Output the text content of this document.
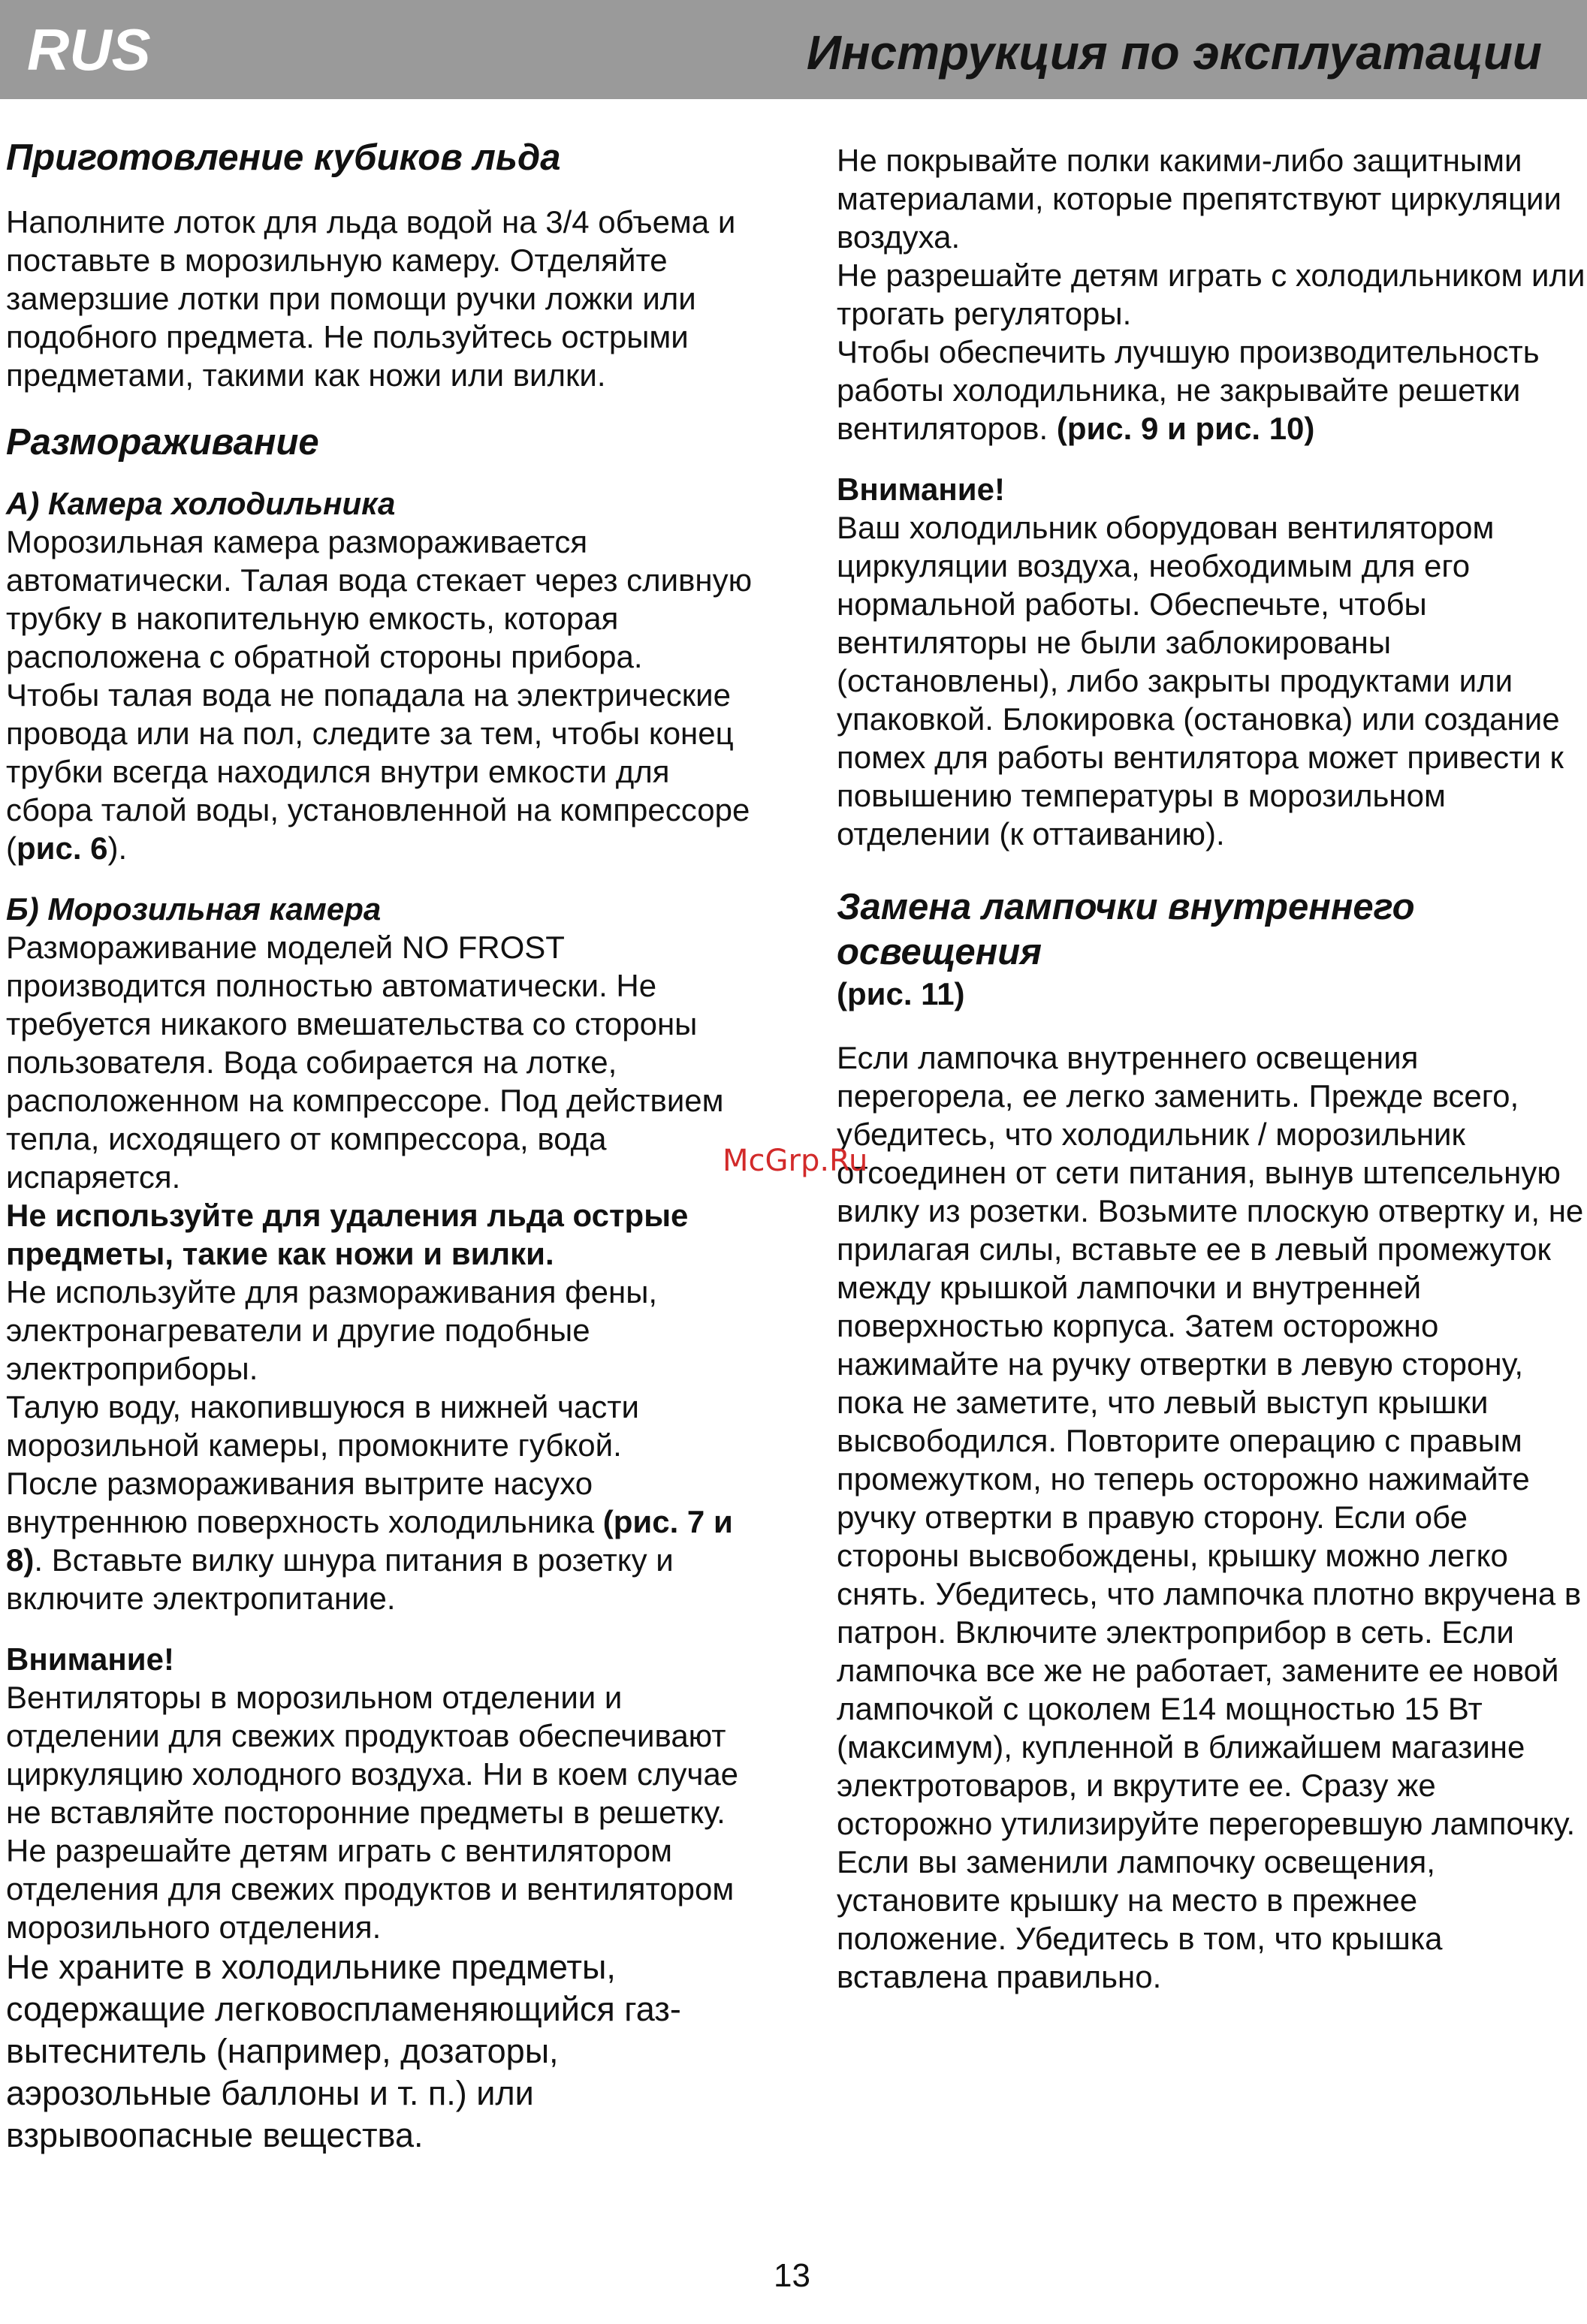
RUS	Инструкция по эксплуатации
Приготовление кубиков льда

Наполните лоток для льда водой на 3/4 объема и поставьте в морозильную камеру. Отделяйте замерзшие лотки при помощи ручки ложки или подобного предмета. Не пользуйтесь острыми предметами, такими как ножи или вилки.

Размораживание
А) Камера холодильника

Морозильная камера размораживается автоматически. Талая вода стекает через сливную трубку в накопительную емкость, которая расположена с обратной стороны прибора.

Чтобы талая вода не попадала на электрические провода или на пол, следите за тем, чтобы конец трубки всегда находился внутри емкости для сбора талой воды, установленной на компрессоре (рис. 6).

Б) Морозильная камера

Размораживание моделей NO FROST производится полностью автоматически. Не требуется никакого вмешательства со стороны пользователя. Вода собирается на лотке, расположенном на компрессоре. Под действием тепла, исходящего от компрессора, вода испаряется.

Не используйте для удаления льда острые предметы, такие как ножи и вилки.

Не используйте для размораживания фены, электронагреватели и другие подобные электроприборы.

Талую воду, накопившуюся в нижней части морозильной камеры, промокните губкой.

После размораживания вытрите насухо внутреннюю поверхность холодильника (рис. 7 и 8). Вставьте вилку шнура питания в розетку и включите электропитание.

Внимание!

Вентиляторы в морозильном отделении и отделении для свежих продуктоав обеспечивают циркуляцию холодного воздуха. Ни в коем случае не вставляйте посторонние предметы в решетку. Не разрешайте детям играть с вентилятором отделения для свежих продуктов и вентилятором морозильного отделения.

Не храните в холодильнике предметы, содержащие легковоспламеняющийся газ-вытеснитель (например, дозаторы, аэрозольные баллоны и т. п.) или взрывоопасные вещества.

Не покрывайте полки какими-либо защитными материалами, которые препятствуют циркуляции воздуха.

Не разрешайте детям играть с холодильником или трогать регуляторы.

Чтобы обеспечить лучшую производительность работы холодильника, не закрывайте решетки вентиляторов. (рис. 9 и рис. 10)

Внимание!

Ваш холодильник оборудован вентилятором циркуляции воздуха, необходимым для его нормальной работы. Обеспечьте, чтобы вентиляторы не были заблокированы (остановлены), либо закрыты продуктами или упаковкой. Блокировка (остановка) или создание помех для работы вентилятора может привести к повышению температуры в морозильном отделении (к оттаиванию).

Замена лампочки внутреннего освещения

(рис. 11)

Если лампочка внутреннего освещения перегорела, ее легко заменить. Прежде всего, убедитесь, что холодильник / морозильник отсоединен от сети питания, вынув штепсельную вилку из розетки. Возьмите плоскую отвертку и, не прилагая силы, вставьте ее в левый промежуток между крышкой лампочки и внутренней поверхностью корпуса. Затем осторожно нажимайте на ручку отвертки в левую сторону, пока не заметите, что левый выступ крышки высвободился. Повторите операцию с правым промежутком, но теперь осторожно нажимайте ручку отвертки в правую сторону. Если обе стороны высвобождены, крышку можно легко снять. Убедитесь, что лампочка плотно вкручена в патрон. Включите электроприбор в сеть. Если лампочка все же не работает, замените ее новой лампочкой с цоколем E14 мощностью 15 Вт (максимум), купленной в ближайшем магазине электротоваров, и вкрутите ее. Сразу же осторожно утилизируйте перегоревшую лампочку.

Если вы заменили лампочку освещения, установите крышку на место в прежнее положение. Убедитесь в том, что крышка вставлена правильно.

McGrp.Ru
13
